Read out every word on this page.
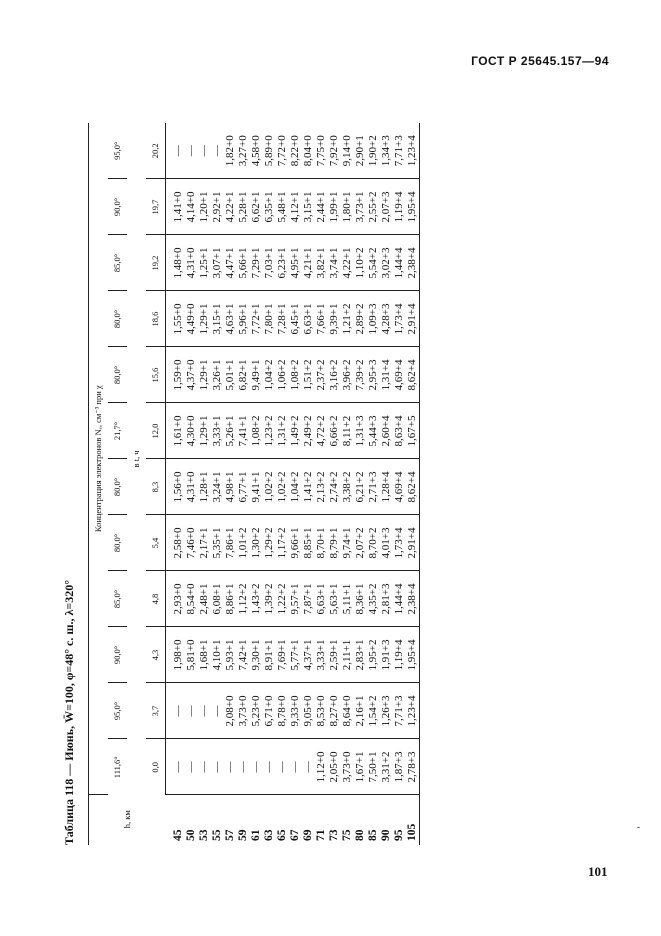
ГОСТ Р 25645.157—94
Таблица 118 — Июнь, W̄=100, φ=48° с. ш., λ=320°	h, км	Концентрация электронов Nₑ, см⁻³ при χ											
	111,6°	95,0°	90,0°	85,0°	80,0°	80,0°	21,7°	80,0°	80,0°	85,0°	90,0°	95,0°
	в t, ч											
	0,0	3,7	4,3	4,8	5,4	8,3	12,0	15,6	18,6	19,2	19,7	20,2
45	—	—	1,98+0	2,93+0	2,58+0	1,56+0	1,61+0	1,59+0	1,55+0	1,48+0	1,41+0	—
50	—	—	5,81+0	8,54+0	7,46+0	4,31+0	4,30+0	4,37+0	4,49+0	4,31+0	4,14+0	—
53	—	—	1,68+1	2,48+1	2,17+1	1,28+1	1,29+1	1,29+1	1,29+1	1,25+1	1,20+1	—
55	—	—	4,10+1	6,08+1	5,35+1	3,24+1	3,33+1	3,26+1	3,15+1	3,07+1	2,92+1	—
57	—	2,08+0	5,93+1	8,86+1	7,86+1	4,98+1	5,26+1	5,01+1	4,63+1	4,47+1	4,22+1	1,82+0
59	—	3,73+0	7,42+1	1,12+2	1,01+2	6,77+1	7,41+1	6,82+1	5,96+1	5,66+1	5,28+1	3,27+0
61	—	5,23+0	9,30+1	1,43+2	1,30+2	9,41+1	1,08+2	9,49+1	7,72+1	7,29+1	6,62+1	4,58+0
63	—	6,71+0	8,91+1	1,39+2	1,29+2	1,02+2	1,23+2	1,04+2	7,80+1	7,03+1	6,35+1	5,89+0
65	—	8,78+0	7,69+1	1,22+2	1,17+2	1,02+2	1,31+2	1,06+2	7,28+1	6,23+1	5,48+1	7,72+0
67	—	9,33+0	5,77+1	9,57+1	9,66+1	1,04+2	1,49+2	1,08+2	6,45+1	4,95+1	4,12+1	8,22+0
69	—	9,05+0	4,37+1	7,87+1	8,85+1	1,41+2	2,49+2	1,51+2	6,63+1	4,21+1	3,15+1	8,04+0
71	1,12+0	8,53+0	3,33+1	6,63+1	8,70+1	2,13+2	4,72+2	2,37+2	7,66+1	3,82+1	2,44+1	7,75+0
73	2,05+0	8,27+0	2,59+1	5,63+1	8,79+1	2,74+2	6,66+2	3,16+2	9,39+1	3,74+1	1,99+1	7,92+0
75	3,73+0	8,64+0	2,11+1	5,11+1	9,74+1	3,38+2	8,11+2	3,96+2	1,21+2	4,22+1	1,80+1	9,14+0
80	1,67+1	2,16+1	2,83+1	8,36+1	2,07+2	6,21+2	1,31+3	7,39+2	2,89+2	1,10+2	3,73+1	2,90+1
85	7,50+1	1,54+2	1,95+2	4,35+2	8,70+2	2,71+3	5,44+3	2,95+3	1,09+3	5,54+2	2,55+2	1,90+2
90	3,31+2	1,26+3	1,91+3	2,81+3	4,01+3	1,28+4	2,60+4	1,31+4	4,28+3	3,02+3	2,07+3	1,34+3
95	1,87+3	7,71+3	1,19+4	1,44+4	1,73+4	4,69+4	8,63+4	4,69+4	1,73+4	1,44+4	1,19+4	7,71+3
105	2,78+3	1,23+4	1,95+4	2,38+4	2,91+4	8,62+4	1,67+5	8,62+4	2,91+4	2,38+4	1,95+4	1,23+4
-
101
